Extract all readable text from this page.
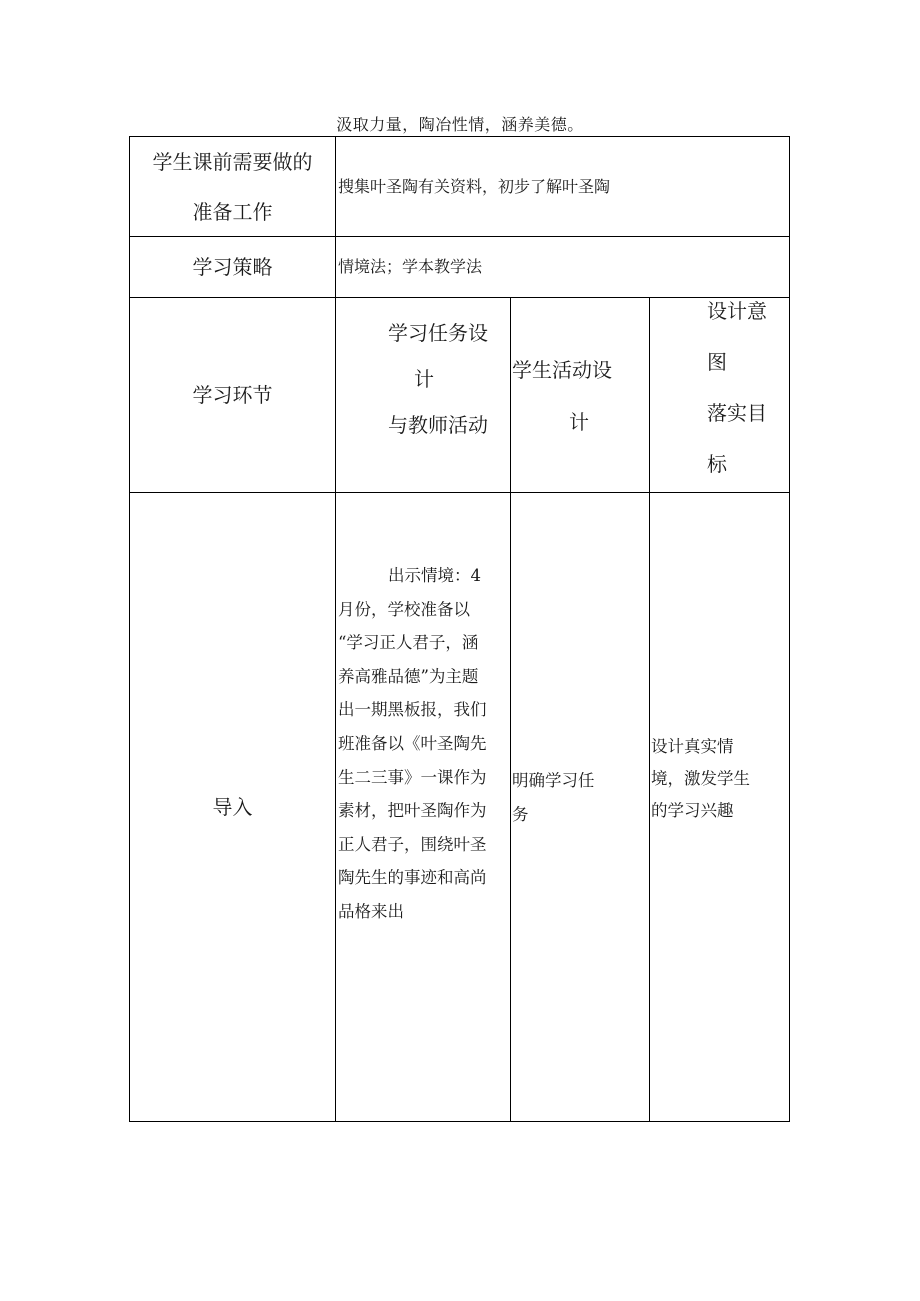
汲取力量，陶冶性情，涵养美德。
学生课前需要做的
准备工作
搜集叶圣陶有关资料，初步了解叶圣陶
学习策略	情境法；学本教学法
学习环节
学习任务设
计
与教师活动
学生活动设
计
设计意
图
落实目
标
导入
出示情境：4
月份，学校准备以
“学习正人君子，涵
养高雅品德”为主题
出一期黑板报，我们
班准备以《叶圣陶先
生二三事》一课作为
素材，把叶圣陶作为
正人君子，围绕叶圣
陶先生的事迹和高尚
品格来出
明确学习任
务
设计真实情
境，激发学生
的学习兴趣
